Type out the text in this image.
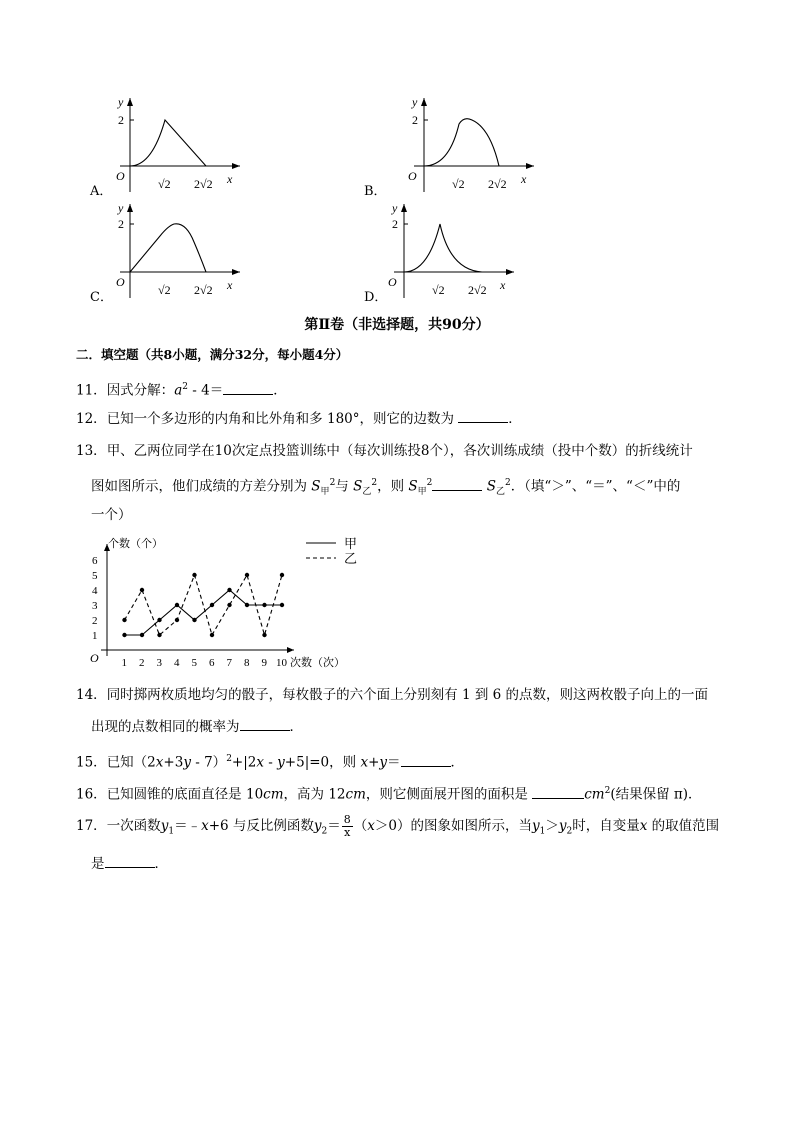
y
2
O
√2 2√2 x
A．
y
2
O
√2 2√2 x
B．
y
2
O
√2 2√2 x
C．
y
2
O
√2 2√2 x
D．
第Ⅱ卷（非选择题，共90分）
二．填空题（共8小题，满分32分，每小题4分）
11．因式分解：$a^2 - 4=$	．
12．已知一个多边形的内角和比外角和多 180°，则它的边数为	．
13．甲、乙两位同学在10次定点投篮训练中（每次训练投8个），各次训练成绩（投中个数）的折线统计
图如图所示，他们成绩的方差分别为 $S_甲^2$与 $S_乙^2$，则 $S_甲^2$	$S_乙^2$．（填“＞”、“＝”、“＜”中的
一个）
个数（个）
次数（次）
O
1
2
3
4
5
6
1 2 3 4 5 6 7 8 9 10
甲
乙
14．同时掷两枚质地均匀的骰子，每枚骰子的六个面上分别刻有 1 到 6 的点数，则这两枚骰子向上的一面
出现的点数相同的概率为	．
15．已知$(2x+3y - 7)^2+|2x - y+5|=0$，则 x+y＝	．
16．已知圆锥的底面直径是 10cm，高为 12cm，则它侧面展开图的面积是	$cm^2$(结果保留 π)．
17．一次函数$y_1=﹣x+6$ 与反比例函数$y_2= \frac{8}{x} (x>0)$的图象如图所示，当$y_1>y_2$时，自变量x 的取值范围
是	．
